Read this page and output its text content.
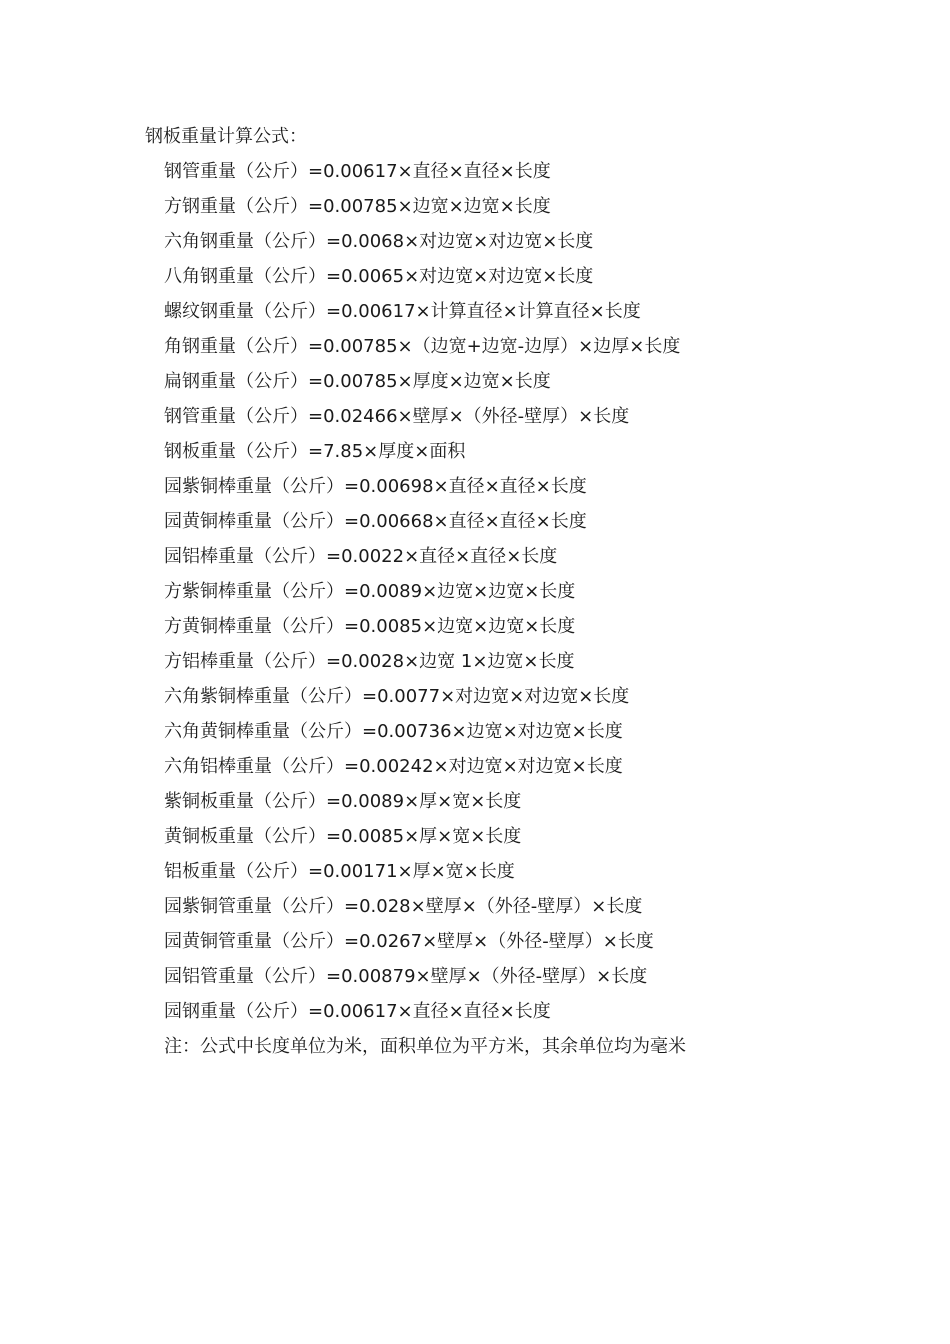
钢板重量计算公式：
钢管重量（公斤）=0.00617×直径×直径×长度
方钢重量（公斤）=0.00785×边宽×边宽×长度
六角钢重量（公斤）=0.0068×对边宽×对边宽×长度
八角钢重量（公斤）=0.0065×对边宽×对边宽×长度
螺纹钢重量（公斤）=0.00617×计算直径×计算直径×长度
角钢重量（公斤）=0.00785×（边宽+边宽-边厚）×边厚×长度
扁钢重量（公斤）=0.00785×厚度×边宽×长度
钢管重量（公斤）=0.02466×壁厚×（外径-壁厚）×长度
钢板重量（公斤）=7.85×厚度×面积
园紫铜棒重量（公斤）=0.00698×直径×直径×长度
园黄铜棒重量（公斤）=0.00668×直径×直径×长度
园铝棒重量（公斤）=0.0022×直径×直径×长度
方紫铜棒重量（公斤）=0.0089×边宽×边宽×长度
方黄铜棒重量（公斤）=0.0085×边宽×边宽×长度
方铝棒重量（公斤）=0.0028×边宽 1×边宽×长度
六角紫铜棒重量（公斤）=0.0077×对边宽×对边宽×长度
六角黄铜棒重量（公斤）=0.00736×边宽×对边宽×长度
六角铝棒重量（公斤）=0.00242×对边宽×对边宽×长度
紫铜板重量（公斤）=0.0089×厚×宽×长度
黄铜板重量（公斤）=0.0085×厚×宽×长度
铝板重量（公斤）=0.00171×厚×宽×长度
园紫铜管重量（公斤）=0.028×壁厚×（外径-壁厚）×长度
园黄铜管重量（公斤）=0.0267×壁厚×（外径-壁厚）×长度
园铝管重量（公斤）=0.00879×壁厚×（外径-壁厚）×长度
园钢重量（公斤）=0.00617×直径×直径×长度
注：公式中长度单位为米，面积单位为平方米，其余单位均为毫米
